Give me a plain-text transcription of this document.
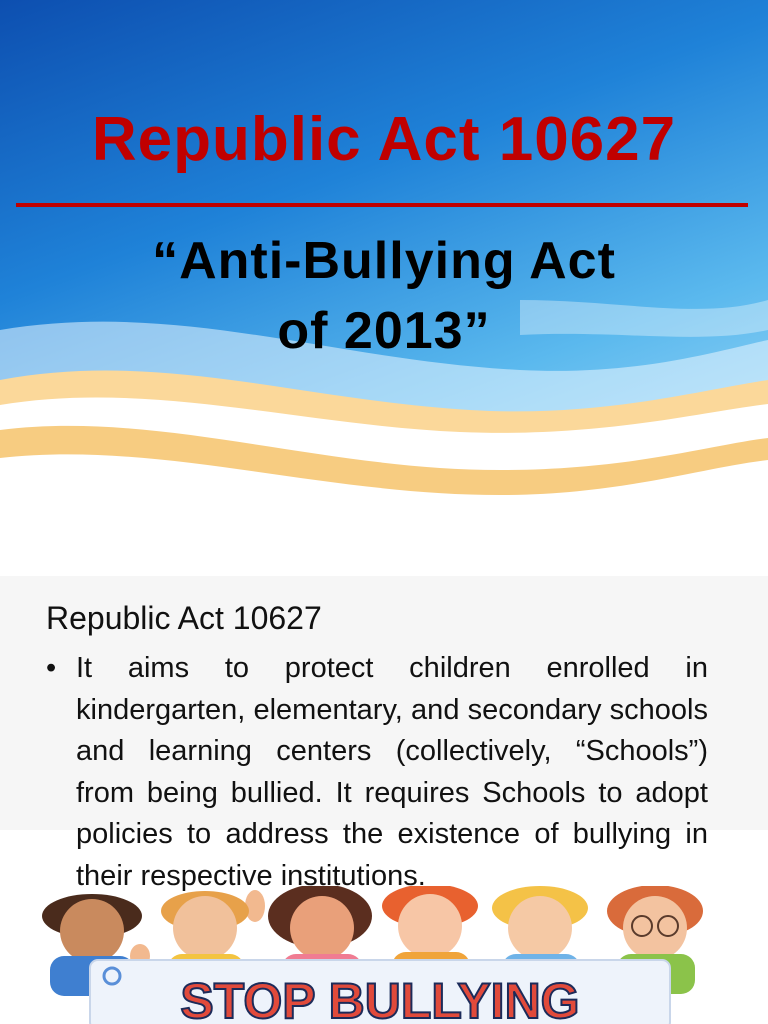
Republic Act 10627
“Anti-Bullying Act
of 2013”
Republic Act 10627
• It aims to protect children enrolled in kindergarten, elementary, and secondary schools and learning centers (collectively, “Schools”) from being bullied. It requires Schools to adopt policies to address the existence of bullying in their respective institutions.
STOP BULLYING
